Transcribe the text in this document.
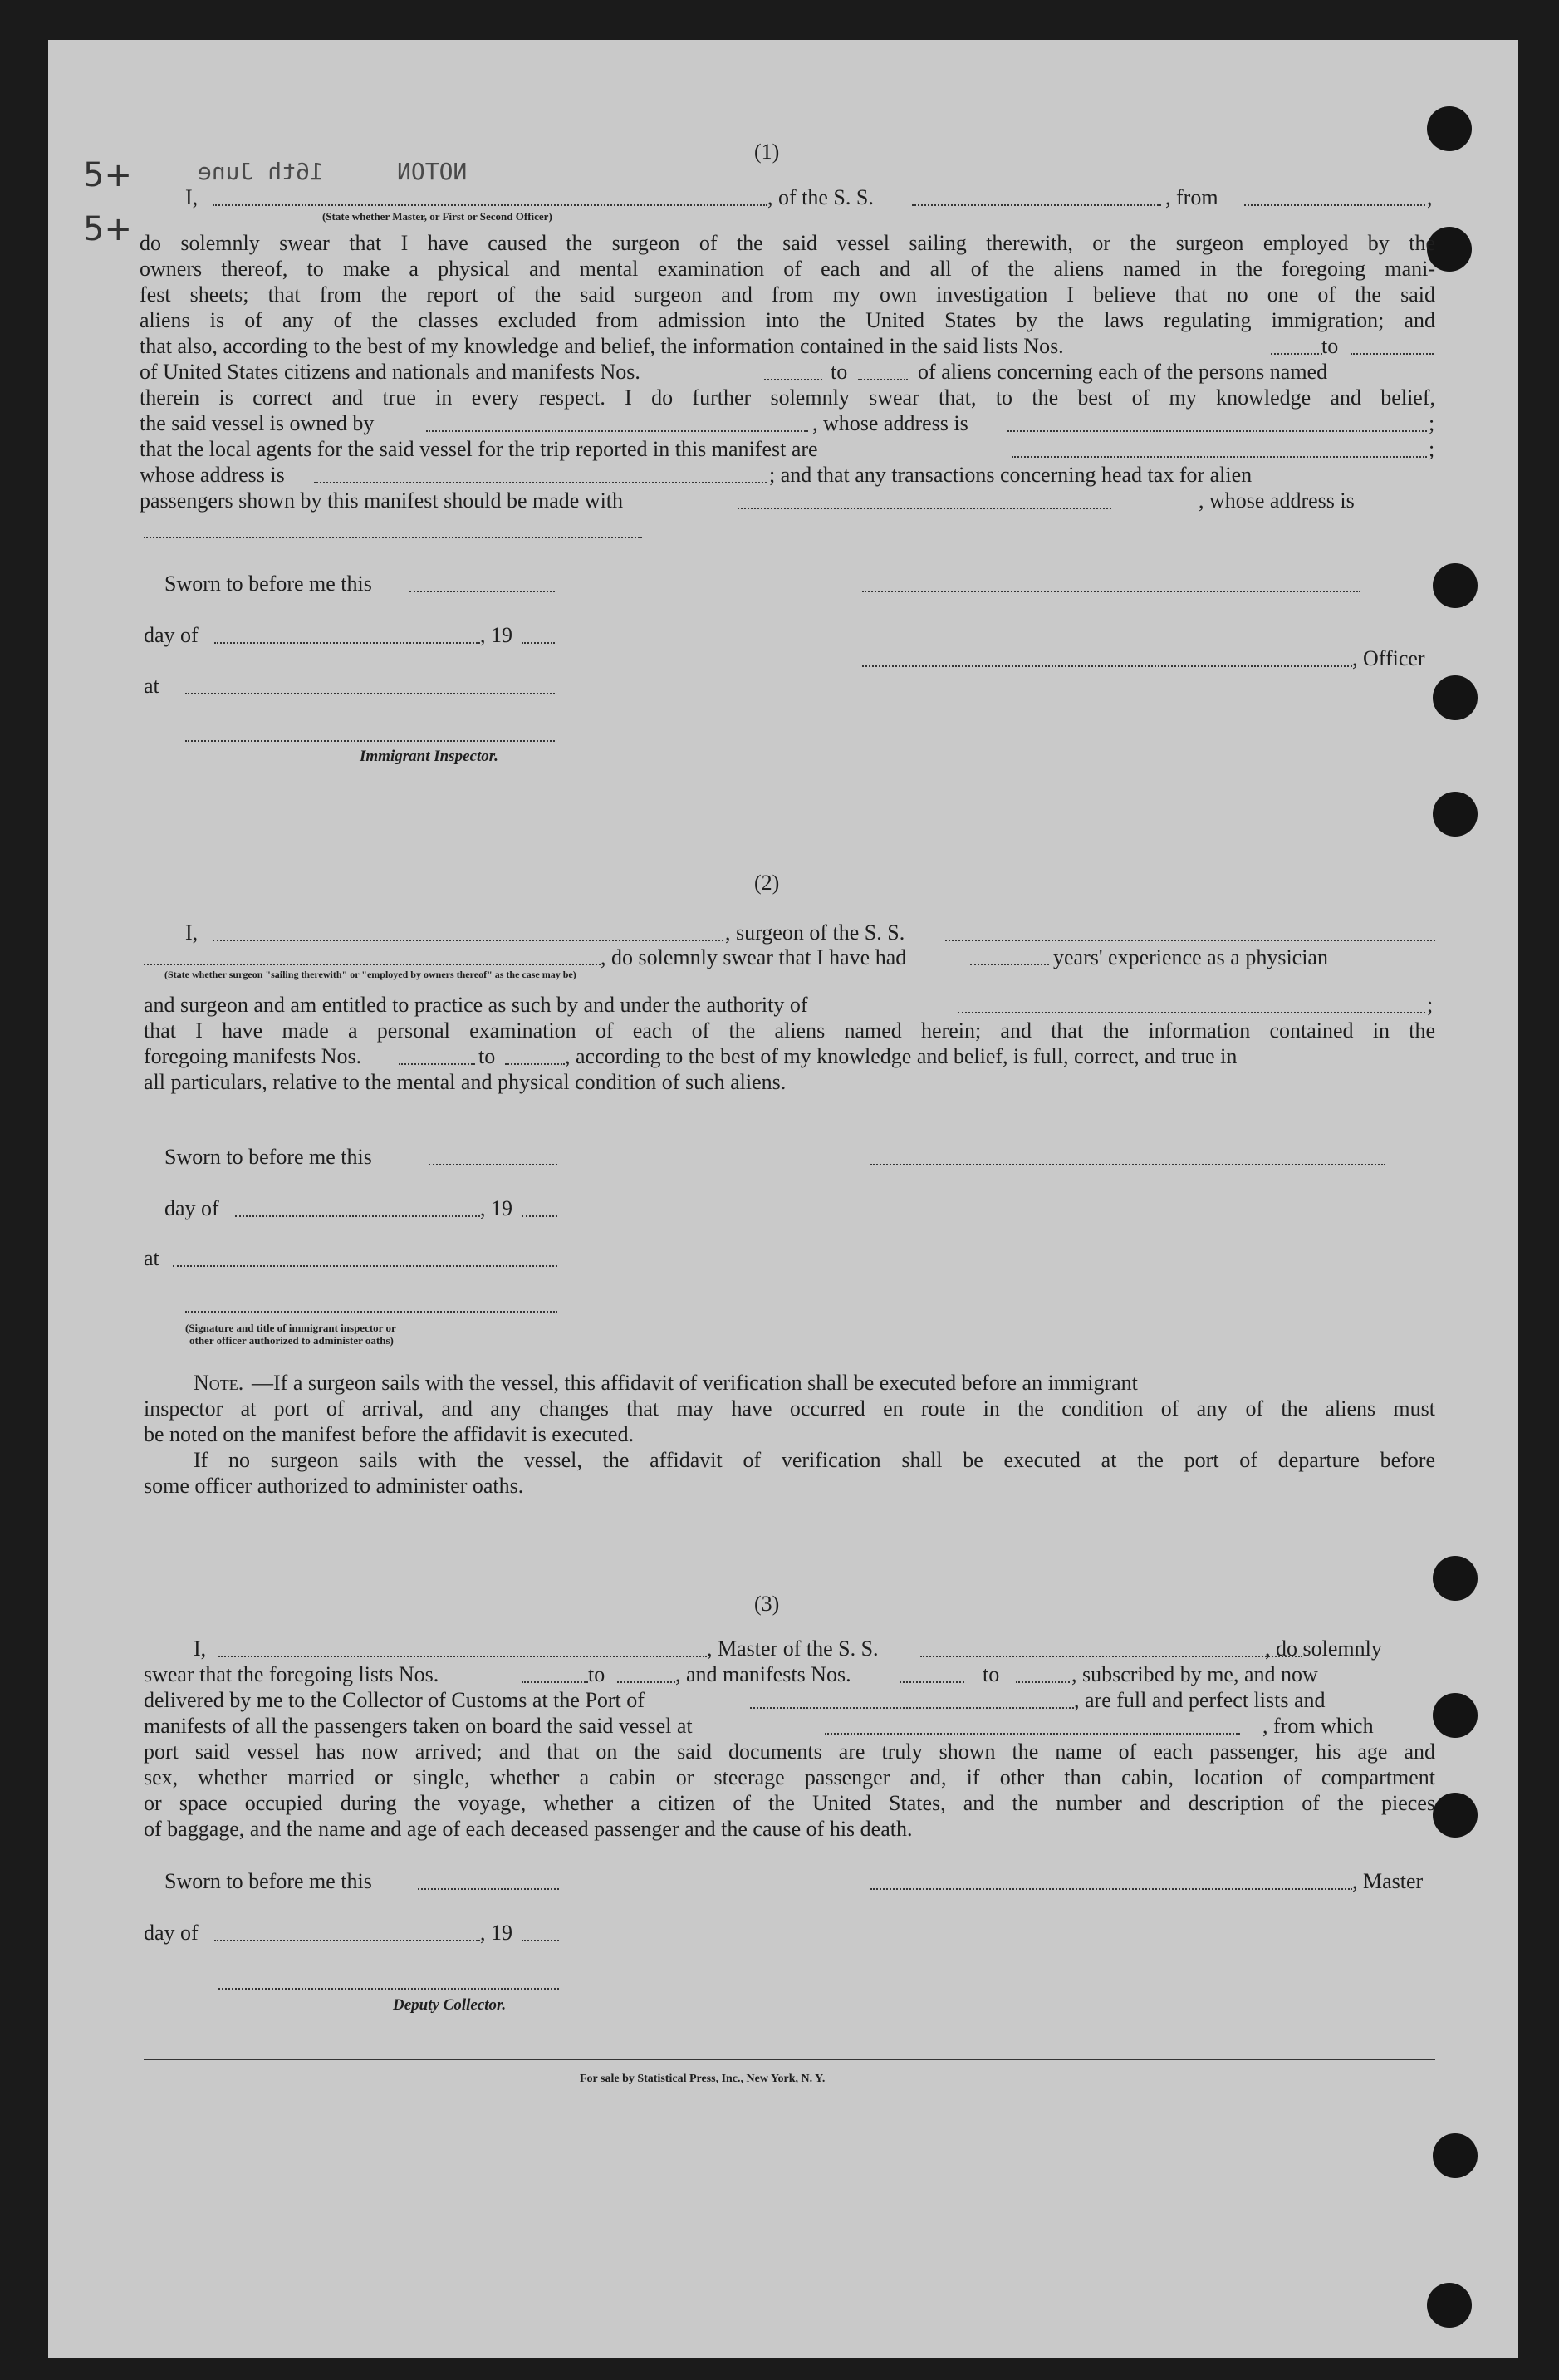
5+
5+
16th June	NOTON
(1)
I,	, of the S. S.	, from	,
(State whether Master, or First or Second Officer)
do solemnly swear that I have caused the surgeon of the said vessel sailing therewith, or the surgeon employed by the
owners thereof, to make a physical and mental examination of each and all of the aliens named in the foregoing mani-
fest sheets; that from the report of the said surgeon and from my own investigation I believe that no one of the said
aliens is of any of the classes excluded from admission into the United States by the laws regulating immigration; and
that also, according to the best of my knowledge and belief, the information contained in the said lists Nos.	to
of United States citizens and nationals and manifests Nos.	to	of aliens concerning each of the persons named
therein is correct and true in every respect. I do further solemnly swear that, to the best of my knowledge and belief,
the said vessel is owned by	, whose address is	;
that the local agents for the said vessel for the trip reported in this manifest are	;
whose address is	; and that any transactions concerning head tax for alien
passengers shown by this manifest should be made with	, whose address is
Sworn to before me this
day of	, 19
, Officer
at
Immigrant Inspector.
(2)
I,	, surgeon of the S. S.
, do solemnly swear that I have had	years' experience as a physician
(State whether surgeon "sailing therewith" or "employed by owners thereof" as the case may be)
and surgeon and am entitled to practice as such by and under the authority of	;
that I have made a personal examination of each of the aliens named herein; and that the information contained in the
foregoing manifests Nos.	to	, according to the best of my knowledge and belief, is full, correct, and true in
all particulars, relative to the mental and physical condition of such aliens.
Sworn to before me this
day of	, 19
at
(Signature and title of immigrant inspector or
other officer authorized to administer oaths)
Note. —If a surgeon sails with the vessel, this affidavit of verification shall be executed before an immigrant
inspector at port of arrival, and any changes that may have occurred en route in the condition of any of the aliens must
be noted on the manifest before the affidavit is executed.
If no surgeon sails with the vessel, the affidavit of verification shall be executed at the port of departure before
some officer authorized to administer oaths.
(3)
I,	, Master of the S. S.	, do solemnly
swear that the foregoing lists Nos.	to	, and manifests Nos.	to	, subscribed by me, and now
delivered by me to the Collector of Customs at the Port of	, are full and perfect lists and
manifests of all the passengers taken on board the said vessel at	, from which
port said vessel has now arrived; and that on the said documents are truly shown the name of each passenger, his age and
sex, whether married or single, whether a cabin or steerage passenger and, if other than cabin, location of compartment
or space occupied during the voyage, whether a citizen of the United States, and the number and description of the pieces
of baggage, and the name and age of each deceased passenger and the cause of his death.
Sworn to before me this	, Master
day of	, 19
Deputy Collector.
For sale by Statistical Press, Inc., New York, N. Y.
